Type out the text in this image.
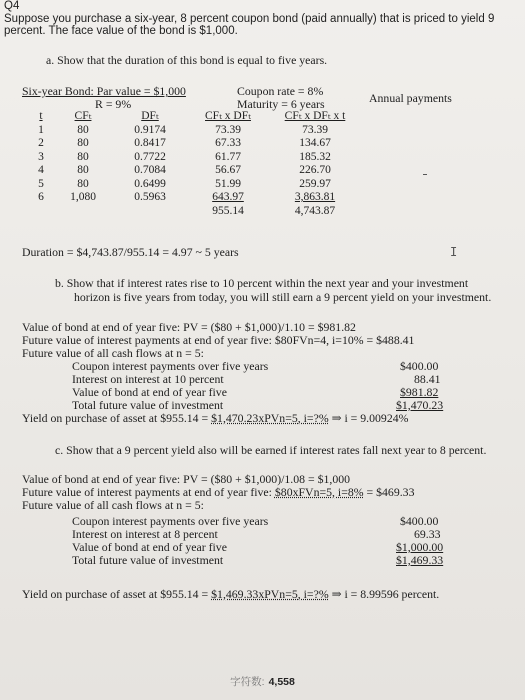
Q4
Suppose you purchase a six-year, 8 percent coupon bond (paid annually) that is priced to yield 9 percent. The face value of the bond is $1,000.
a. Show that the duration of this bond is equal to five years.
Six-year Bond: Par value = $1,000	Coupon rate = 8%	Annual payments
R = 9%	Maturity = 6 years
t	CFₜ	DFₜ	CFₜ x DFₜ	CFₜ x DFₜ x t	
1	80	0.9174	73.39	73.39	
2	80	0.8417	67.33	134.67	
3	80	0.7722	61.77	185.32	
4	80	0.7084	56.67	226.70	
5	80	0.6499	51.99	259.97	
6	1,080	0.5963	643.97	3,863.81	
			955.14	4,743.87	
Duration = $4,743.87/955.14 = 4.97 ~ 5 years	I
b. Show that if interest rates rise to 10 percent within the next year and your investment
horizon is five years from today, you will still earn a 9 percent yield on your investment.
Value of bond at end of year five: PV = ($80 + $1,000)/1.10 = $981.82
Future value of interest payments at end of year five: $80FVn=4, i=10% = $488.41
Future value of all cash flows at n = 5:
Coupon interest payments over five years	$400.00
Interest on interest at 10 percent	88.41
Value of bond at end of year five	$981.82
Total future value of investment	$1,470.23
Yield on purchase of asset at $955.14 = $1,470.23xPVn=5, i=?% ⇒ i = 9.00924%
c. Show that a 9 percent yield also will be earned if interest rates fall next year to 8 percent.
Value of bond at end of year five: PV = ($80 + $1,000)/1.08 = $1,000
Future value of interest payments at end of year five: $80xFVn=5, i=8% = $469.33
Future value of all cash flows at n = 5:
Coupon interest payments over five years	$400.00
Interest on interest at 8 percent	69.33
Value of bond at end of year five	$1,000.00
Total future value of investment	$1,469.33
Yield on purchase of asset at $955.14 = $1,469.33xPVn=5, i=?% ⇒ i = 8.99596 percent.
字符数: 4,558
